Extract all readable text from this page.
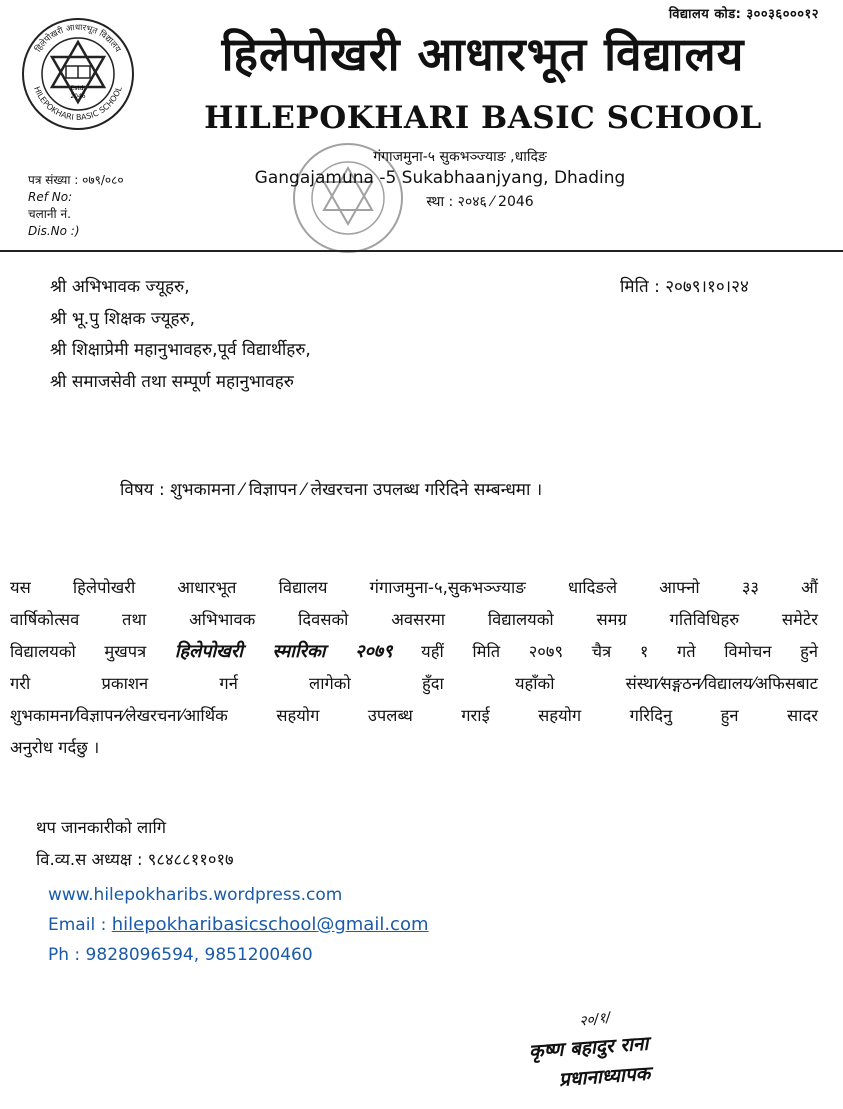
विद्यालय कोड: ३००३६०००१२
हिलेपोखरी आधारभूत विद्यालय
HILEPOKHARI BASIC SCHOOL
Estd.
2046
हिलेपोखरी आधारभूत विद्यालय
HILEPOKHARI BASIC SCHOOL
गंगाजमुना-५ सुकभञ्ज्याङ ,धादिङ
Gangajamuna -5 Sukabhaanjyang, Dhading
स्था : २०४६ ⁄ 2046
पत्र संख्या : ०७९/०८०
Ref No:
चलानी नं.
Dis.No :)
मिति : २०७९।१०।२४
श्री अभिभावक ज्यूहरु,
श्री भू.पु शिक्षक ज्यूहरु,
श्री शिक्षाप्रेमी महानुभावहरु,पूर्व विद्यार्थीहरु,
श्री समाजसेवी तथा सम्पूर्ण महानुभावहरु
विषय : शुभकामना ⁄ विज्ञापन ⁄ लेखरचना उपलब्ध गरिदिने सम्बन्धमा ।
यस हिलेपोखरी आधारभूत विद्यालय गंगाजमुना-५,सुकभञ्ज्याङ धादिङले आफ्नो ३३ औं
वार्षिकोत्सव तथा अभिभावक दिवसको अवसरमा विद्यालयको समग्र गतिविधिहरु समेटेर
विद्यालयको मुखपत्र हिलेपोखरी स्मारिका २०७९ यहीं मिति २०७९ चैत्र १ गते विमोचन हुने
गरी प्रकाशन गर्न लागेको हुँदा यहाँको संस्था⁄सङ्गठन⁄विद्यालय⁄अफिसबाट
शुभकामना⁄विज्ञापन⁄लेखरचना⁄आर्थिक सहयोग उपलब्ध गराई सहयोग गरिदिनु हुन सादर
अनुरोध गर्दछु ।
थप जानकारीको लागि
वि.व्य.स अध्यक्ष : ९८४८८११०१७
www.hilepokharibs.wordpress.com
Email : hilepokharibasicschool@gmail.com
Ph : 9828096594, 9851200460
२०/१/
कृष्ण बहादुर राना
प्रधानाध्यापक
